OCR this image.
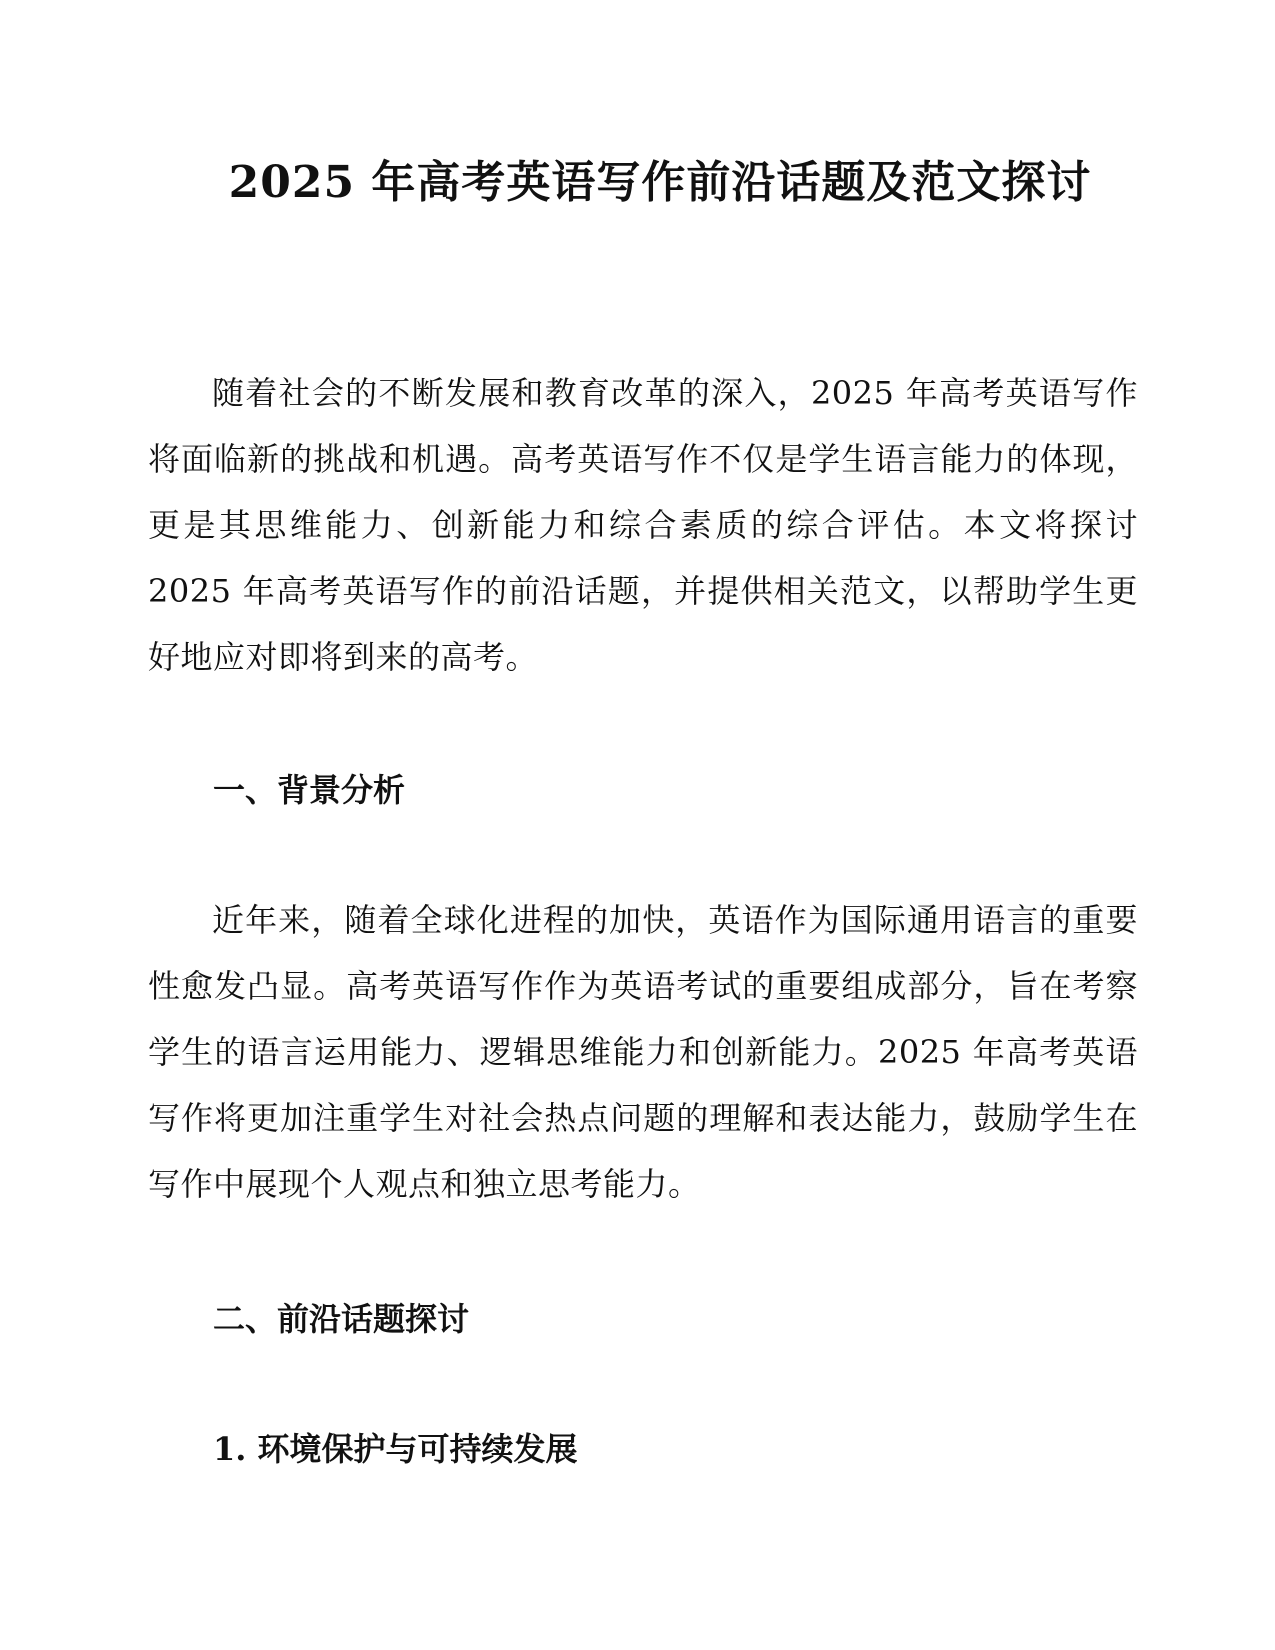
2025 年高考英语写作前沿话题及范文探讨

随着社会的不断发展和教育改革的深入，2025 年高考英语写作将面临新的挑战和机遇。高考英语写作不仅是学生语言能力的体现，更是其思维能力、创新能力和综合素质的综合评估。本文将探讨 2025 年高考英语写作的前沿话题，并提供相关范文，以帮助学生更好地应对即将到来的高考。

一、背景分析

近年来，随着全球化进程的加快，英语作为国际通用语言的重要性愈发凸显。高考英语写作作为英语考试的重要组成部分，旨在考察学生的语言运用能力、逻辑思维能力和创新能力。2025 年高考英语写作将更加注重学生对社会热点问题的理解和表达能力，鼓励学生在写作中展现个人观点和独立思考能力。

二、前沿话题探讨
1. 环境保护与可持续发展
